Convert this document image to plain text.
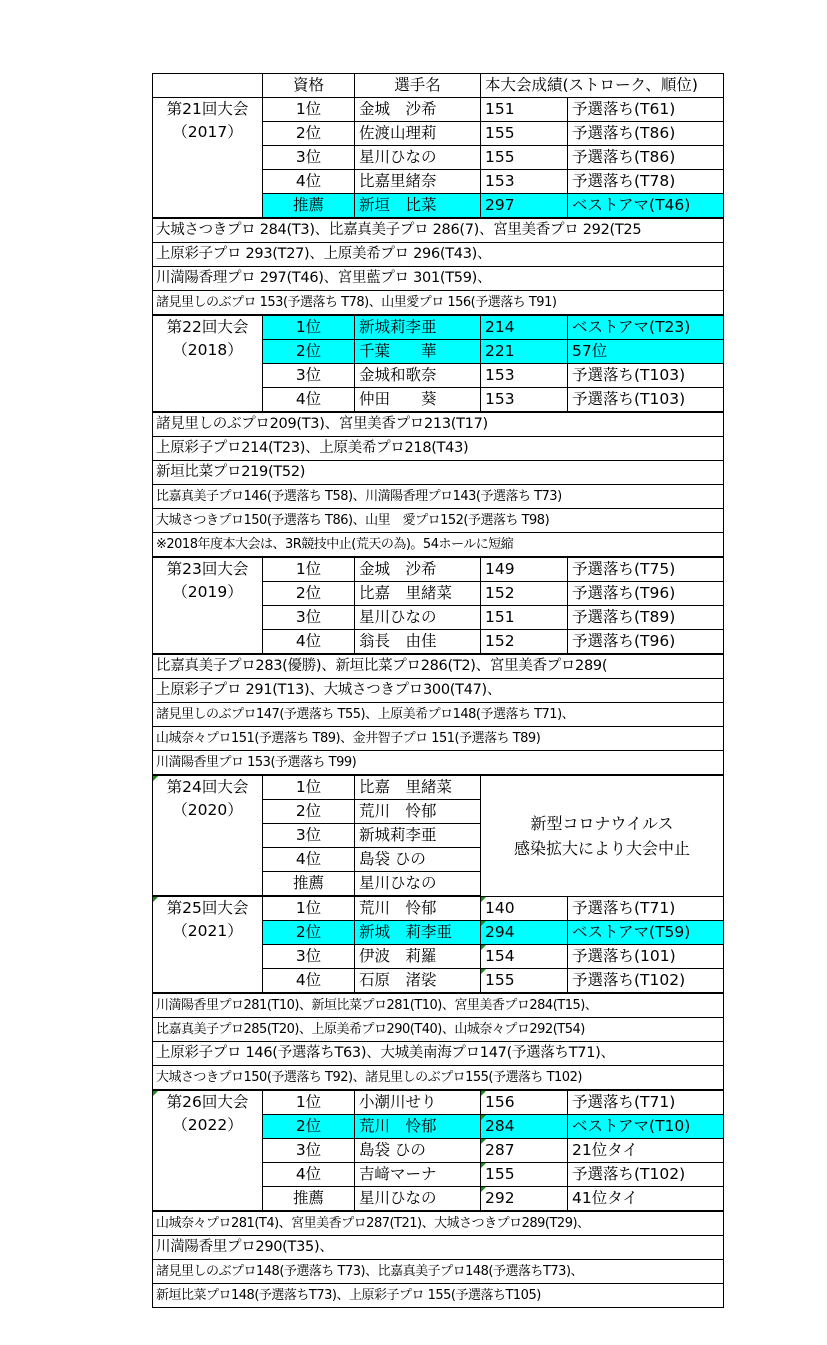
	資格	選手名	本大会成績(ストローク、順位)	

第21回大会
（2017）	1位	金城　沙希	151	予選落ち(T61)
	2位	佐渡山理莉	155	予選落ち(T86)
	3位	星川ひなの	155	予選落ち(T86)
	4位	比嘉里緒奈	153	予選落ち(T78)
	推薦	新垣　比菜	297	ベストアマ(T46)
大城さつきプロ 284(T3)、比嘉真美子プロ 286(7)、宮里美香プロ 292(T25				
上原彩子プロ 293(T27)、上原美希プロ 296(T43)、				
川満陽香理プロ 297(T46)、宮里藍プロ 301(T59)、				
諸見里しのぶプロ 153(予選落ち T78)、山里愛プロ 156(予選落ち T91)				

第22回大会
（2018）	1位	新城莉李亜	214	ベストアマ(T23)
	2位	千葉　　華	221	57位
	3位	金城和歌奈	153	予選落ち(T103)
	4位	仲田　　葵	153	予選落ち(T103)
諸見里しのぶプロ209(T3)、宮里美香プロ213(T17)				
上原彩子プロ214(T23)、上原美希プロ218(T43)				
新垣比菜プロ219(T52)				
比嘉真美子プロ146(予選落ち T58)、川満陽香理プロ143(予選落ち T73)				
大城さつきプロ150(予選落ち T86)、山里　愛プロ152(予選落ち T98)				
※2018年度本大会は、3R競技中止(荒天の為)。54ホールに短縮				

第23回大会
（2019）	1位	金城　沙希	149	予選落ち(T75)
	2位	比嘉　里緒菜	152	予選落ち(T96)
	3位	星川ひなの	151	予選落ち(T89)
	4位	翁長　由佳	152	予選落ち(T96)
比嘉真美子プロ283(優勝)、新垣比菜プロ286(T2)、宮里美香プロ289(				
上原彩子プロ 291(T13)、大城さつきプロ300(T47)、				
諸見里しのぶプロ147(予選落ち T55)、上原美希プロ148(予選落ち T71)、				
山城奈々プロ151(予選落ち T89)、金井智子プロ 151(予選落ち T89)				
川満陽香里プロ 153(予選落ち T99)				

第24回大会
（2020）	1位	比嘉　里緒菜	新型コロナウイルス
感染拡大により大会中止	

	2位	荒川　怜郁		
	3位	新城莉李亜		
	4位	島袋 ひの		
	推薦	星川ひなの		

第25回大会
（2021）	1位	荒川　怜郁	140	予選落ち(T71)
	2位	新城　莉李亜	294	ベストアマ(T59)
	3位	伊波　莉羅	154	予選落ち(101)
	4位	石原　渚裟	155	予選落ち(T102)
川満陽香里プロ281(T10)、新垣比菜プロ281(T10)、宮里美香プロ284(T15)、				
比嘉真美子プロ285(T20)、上原美希プロ290(T40)、山城奈々プロ292(T54)				
上原彩子プロ 146(予選落ちT63)、大城美南海プロ147(予選落ちT71)、				
大城さつきプロ150(予選落ち T92)、諸見里しのぶプロ155(予選落ち T102)				

第26回大会
（2022）	1位	小潮川せり	156	予選落ち(T71)
	2位	荒川　怜郁	284	ベストアマ(T10)
	3位	島袋 ひの	287	21位タイ
	4位	吉﨑マーナ	155	予選落ち(T102)
	推薦	星川ひなの	292	41位タイ
山城奈々プロ281(T4)、宮里美香プロ287(T21)、大城さつきプロ289(T29)、				
川満陽香里プロ290(T35)、				
諸見里しのぶプロ148(予選落ち T73)、比嘉真美子プロ148(予選落ちT73)、				
新垣比菜プロ148(予選落ちT73)、上原彩子プロ 155(予選落ちT105)				
